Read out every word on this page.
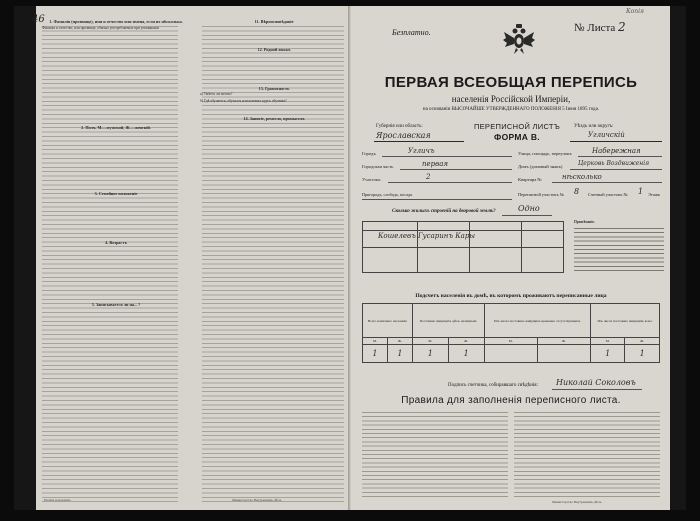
1. Фамилія (прозвище), имя и отчество или имена, если их нѣсколько.

Фамилія и отчество, или прозвище, обычно употребляемые при упоминаніи

2. Полъ. М.—мужской, Ж.—женскій.
3. Семейное положеніе
4. Возрастъ
5. Записывается ли на... ?
11. Вѣроисповѣданіе
12. Родной языкъ
13. Грамотность

а) Умѣетъ ли читать?

б) Гдѣ обучается, обучался или кончилъ курсъ обученія?

14. Занятіе, ремесло, промыселъ
Печати подлежитъ	Министерство Внутреннихъ Дѣлъ
Безплатно.	№ Листа 2
Копія
ПЕРВАЯ ВСЕОБЩАЯ ПЕРЕПИСЬ
населенія Россійской Имперіи,
на основаніи ВЫСОЧАЙШЕ УТВЕРЖДЕННАГО ПОЛОЖЕНІЯ 5 Іюня 1895 года.
Губернія или область:
Ярославская
ПЕРЕПИСНОЙ ЛИСТЪ
ФОРМА В.
Уѣздъ или округъ:
Угличскій
Городъ	Угличъ
Городская часть	первая
Участокъ	2
Пригородъ, слобода, посадъ
Улица, площадь, переулокъ	Набережная
Домъ (домовый знакъ)	Церковь Воздвиженія
Квартира №	нѣсколько
Переписной участокъ № 8 Счетный участокъ № 1 Этажъ
Сколько жилыхъ строеній на дворовой землѣ?	Одно
Кошелевъ Гусаринъ Кары
Примѣчаніе.
Подсчетъ населенія въ домѣ, въ которомъ проживаютъ переписанные лица
Всего наличнаго населенія		Постоянно живущихъ здѣсь наличныхъ		Изъ числа постоянно живущихъ временно отсутствующихъ		Изъ числа постоянно живущихъ всего	
М.	Ж.	М.	Ж.	М.	Ж.	М.	Ж.
1	1	1	1			1	1
Подпись счетчика, собиравшаго свѣдѣнія: Николай Соколовъ
Правила для заполненія переписного листа.
Министерство Внутреннихъ Дѣлъ
46
